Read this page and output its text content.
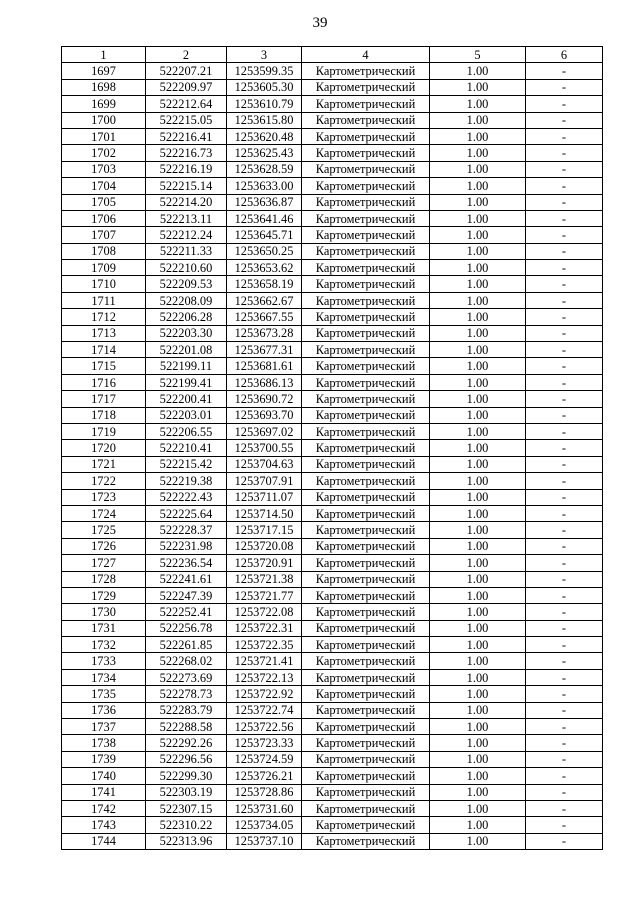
39
1	2	3	4	5	6
1697	522207.21	1253599.35	Картометрический	1.00	-
1698	522209.97	1253605.30	Картометрический	1.00	-
1699	522212.64	1253610.79	Картометрический	1.00	-
1700	522215.05	1253615.80	Картометрический	1.00	-
1701	522216.41	1253620.48	Картометрический	1.00	-
1702	522216.73	1253625.43	Картометрический	1.00	-
1703	522216.19	1253628.59	Картометрический	1.00	-
1704	522215.14	1253633.00	Картометрический	1.00	-
1705	522214.20	1253636.87	Картометрический	1.00	-
1706	522213.11	1253641.46	Картометрический	1.00	-
1707	522212.24	1253645.71	Картометрический	1.00	-
1708	522211.33	1253650.25	Картометрический	1.00	-
1709	522210.60	1253653.62	Картометрический	1.00	-
1710	522209.53	1253658.19	Картометрический	1.00	-
1711	522208.09	1253662.67	Картометрический	1.00	-
1712	522206.28	1253667.55	Картометрический	1.00	-
1713	522203.30	1253673.28	Картометрический	1.00	-
1714	522201.08	1253677.31	Картометрический	1.00	-
1715	522199.11	1253681.61	Картометрический	1.00	-
1716	522199.41	1253686.13	Картометрический	1.00	-
1717	522200.41	1253690.72	Картометрический	1.00	-
1718	522203.01	1253693.70	Картометрический	1.00	-
1719	522206.55	1253697.02	Картометрический	1.00	-
1720	522210.41	1253700.55	Картометрический	1.00	-
1721	522215.42	1253704.63	Картометрический	1.00	-
1722	522219.38	1253707.91	Картометрический	1.00	-
1723	522222.43	1253711.07	Картометрический	1.00	-
1724	522225.64	1253714.50	Картометрический	1.00	-
1725	522228.37	1253717.15	Картометрический	1.00	-
1726	522231.98	1253720.08	Картометрический	1.00	-
1727	522236.54	1253720.91	Картометрический	1.00	-
1728	522241.61	1253721.38	Картометрический	1.00	-
1729	522247.39	1253721.77	Картометрический	1.00	-
1730	522252.41	1253722.08	Картометрический	1.00	-
1731	522256.78	1253722.31	Картометрический	1.00	-
1732	522261.85	1253722.35	Картометрический	1.00	-
1733	522268.02	1253721.41	Картометрический	1.00	-
1734	522273.69	1253722.13	Картометрический	1.00	-
1735	522278.73	1253722.92	Картометрический	1.00	-
1736	522283.79	1253722.74	Картометрический	1.00	-
1737	522288.58	1253722.56	Картометрический	1.00	-
1738	522292.26	1253723.33	Картометрический	1.00	-
1739	522296.56	1253724.59	Картометрический	1.00	-
1740	522299.30	1253726.21	Картометрический	1.00	-
1741	522303.19	1253728.86	Картометрический	1.00	-
1742	522307.15	1253731.60	Картометрический	1.00	-
1743	522310.22	1253734.05	Картометрический	1.00	-
1744	522313.96	1253737.10	Картометрический	1.00	-
